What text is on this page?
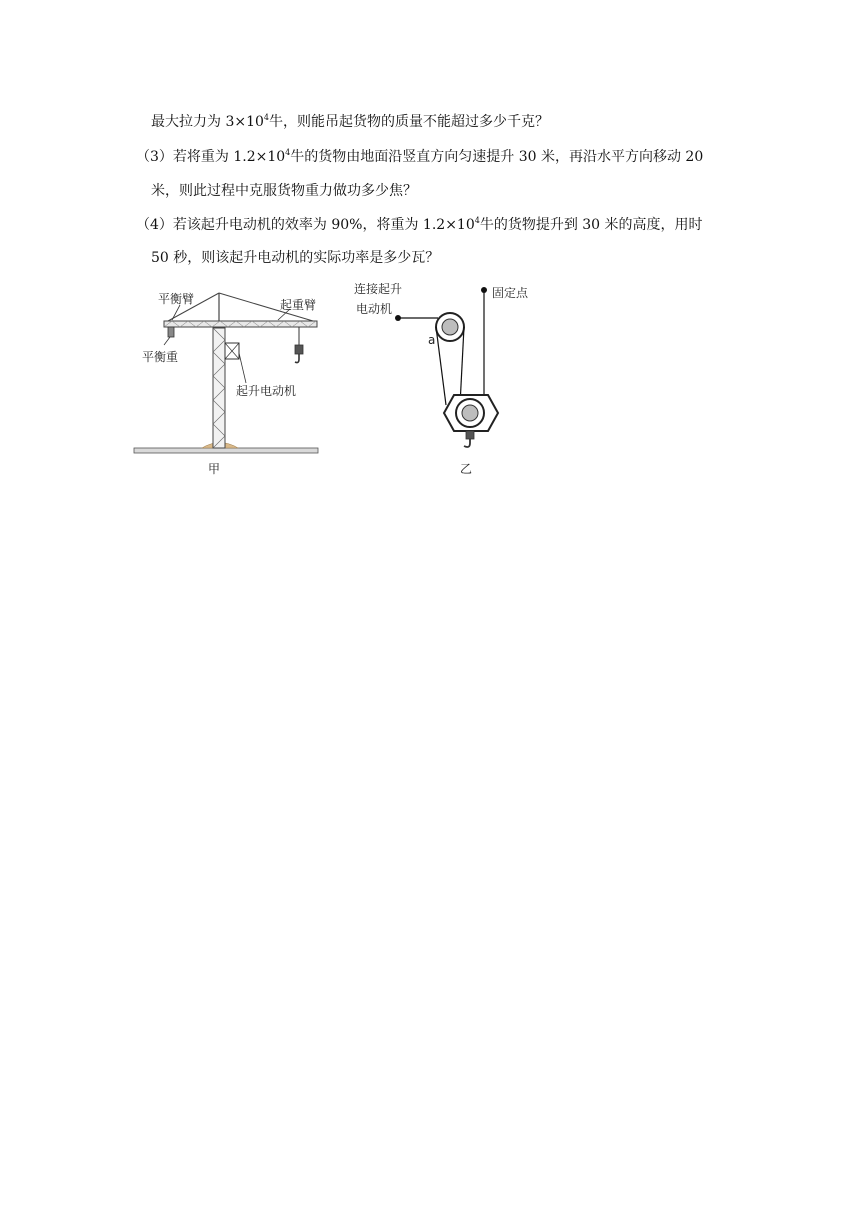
最大拉力为 $3\times 10^4$牛，则能吊起货物的质量不能超过多少千克？
（3）若将重为 $1.2\times 10^4$牛的货物由地面沿竖直方向匀速提升 30 米，再沿水平方向移动 20
米，则此过程中克服货物重力做功多少焦？
（4）若该起升电动机的效率为 90%，将重为 $1.2\times 10^4$牛的货物提升到 30 米的高度，用时
50 秒，则该起升电动机的实际功率是多少瓦？
平衡臂	起重臂
平衡重
起升电动机
甲
连接起升
电动机
固定点
a
乙
